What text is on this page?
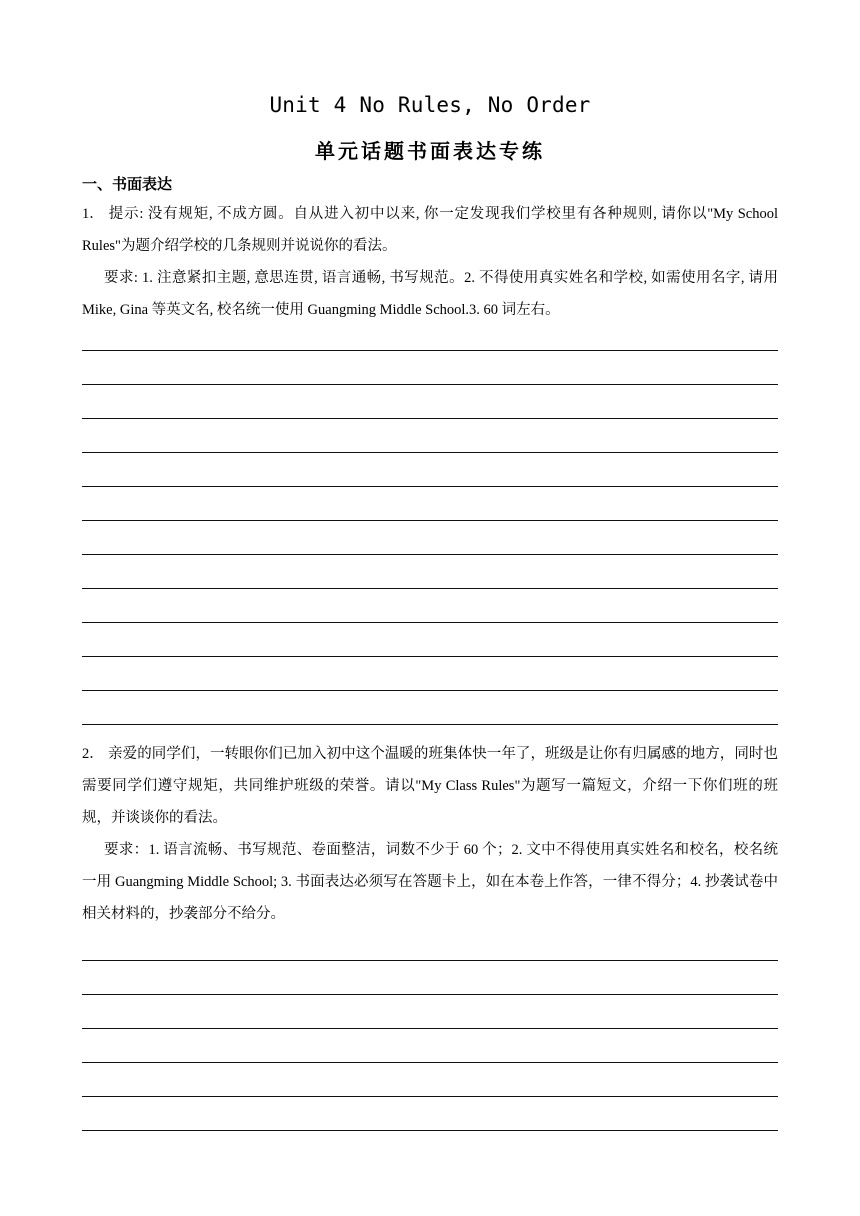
Unit 4 No Rules, No Order
单元话题书面表达专练
一、书面表达

1． 提示: 没有规矩, 不成方圆。自从进入初中以来, 你一定发现我们学校里有各种规则, 请你以"My School Rules"为题介绍学校的几条规则并说说你的看法。

要求: 1. 注意紧扣主题, 意思连贯, 语言通畅, 书写规范。2. 不得使用真实姓名和学校, 如需使用名字, 请用 Mike, Gina 等英文名, 校名统一使用 Guangming Middle School.3. 60 词左右。

2． 亲爱的同学们，一转眼你们已加入初中这个温暖的班集体快一年了，班级是让你有归属感的地方，同时也需要同学们遵守规矩，共同维护班级的荣誉。请以"My Class Rules"为题写一篇短文，介绍一下你们班的班规，并谈谈你的看法。

要求：1. 语言流畅、书写规范、卷面整洁，词数不少于 60 个；2. 文中不得使用真实姓名和校名，校名统一用 Guangming Middle School; 3. 书面表达必须写在答题卡上，如在本卷上作答，一律不得分；4. 抄袭试卷中相关材料的，抄袭部分不给分。
